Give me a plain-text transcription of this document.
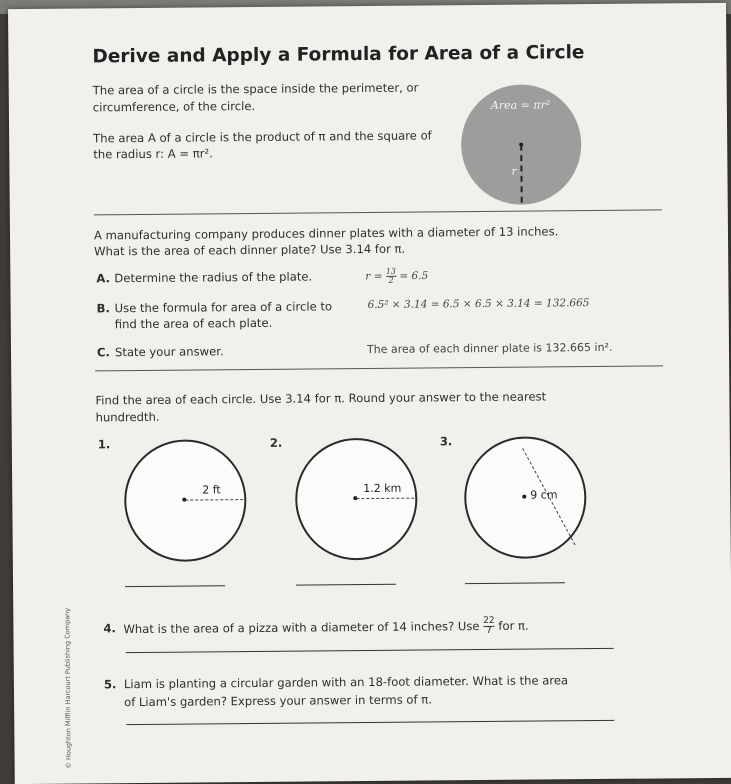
Derive and Apply a Formula for Area of a Circle
The area of a circle is the space inside the perimeter, or
circumference, of the circle.
The area A of a circle is the product of π and the square of
the radius r: A = πr².
Area = πr²
r
A manufacturing company produces dinner plates with a diameter of 13 inches.
What is the area of each dinner plate? Use 3.14 for π.
A. Determine the radius of the plate.	$r = \frac{13}{2} = 6.5$
B. Use the formula for area of a circle to
find the area of each plate.
6.5² × 3.14 = 6.5 × 6.5 × 3.14 = 132.665
C. State your answer.	The area of each dinner plate is 132.665 in².
Find the area of each circle. Use 3.14 for π. Round your answer to the nearest
hundredth.
1.
2 ft
2.
1.2 km
3.
9 cm
4. What is the area of a pizza with a diameter of 14 inches? Use $\frac{22}{7}$ for π.
5. Liam is planting a circular garden with an 18-foot diameter. What is the area
of Liam's garden? Express your answer in terms of π.
© Houghton Mifflin Harcourt Publishing Company
